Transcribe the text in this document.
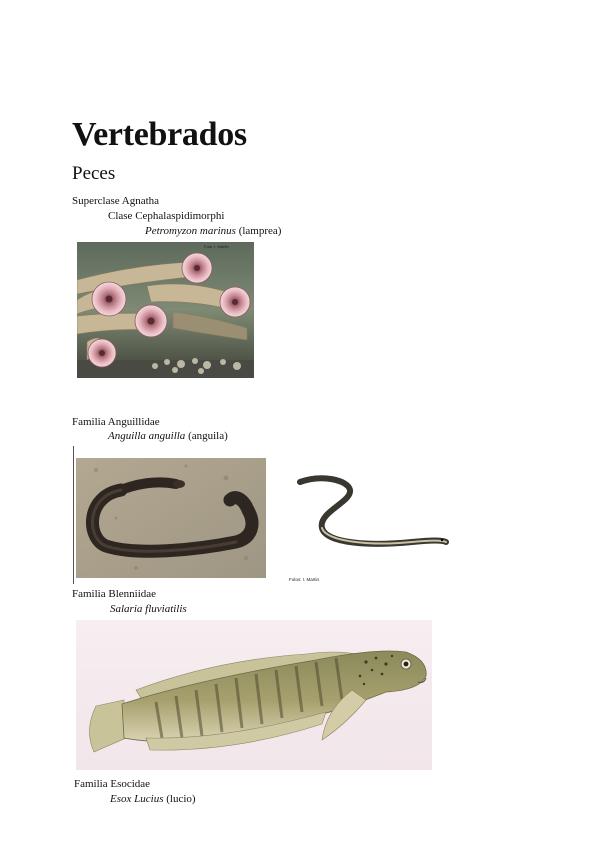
Vertebrados
Peces
Superclase Agnatha
Clase Cephalaspidimorphi
Petromyzon marinus (lamprea)
Foto: I. Martin
Familia Anguillidae
Anguilla anguilla (anguila)
Fotos: I. Martin
Familia Blenniidae
Salaria fluviatilis
Familia Esocidae
Esox Lucius (lucio)
